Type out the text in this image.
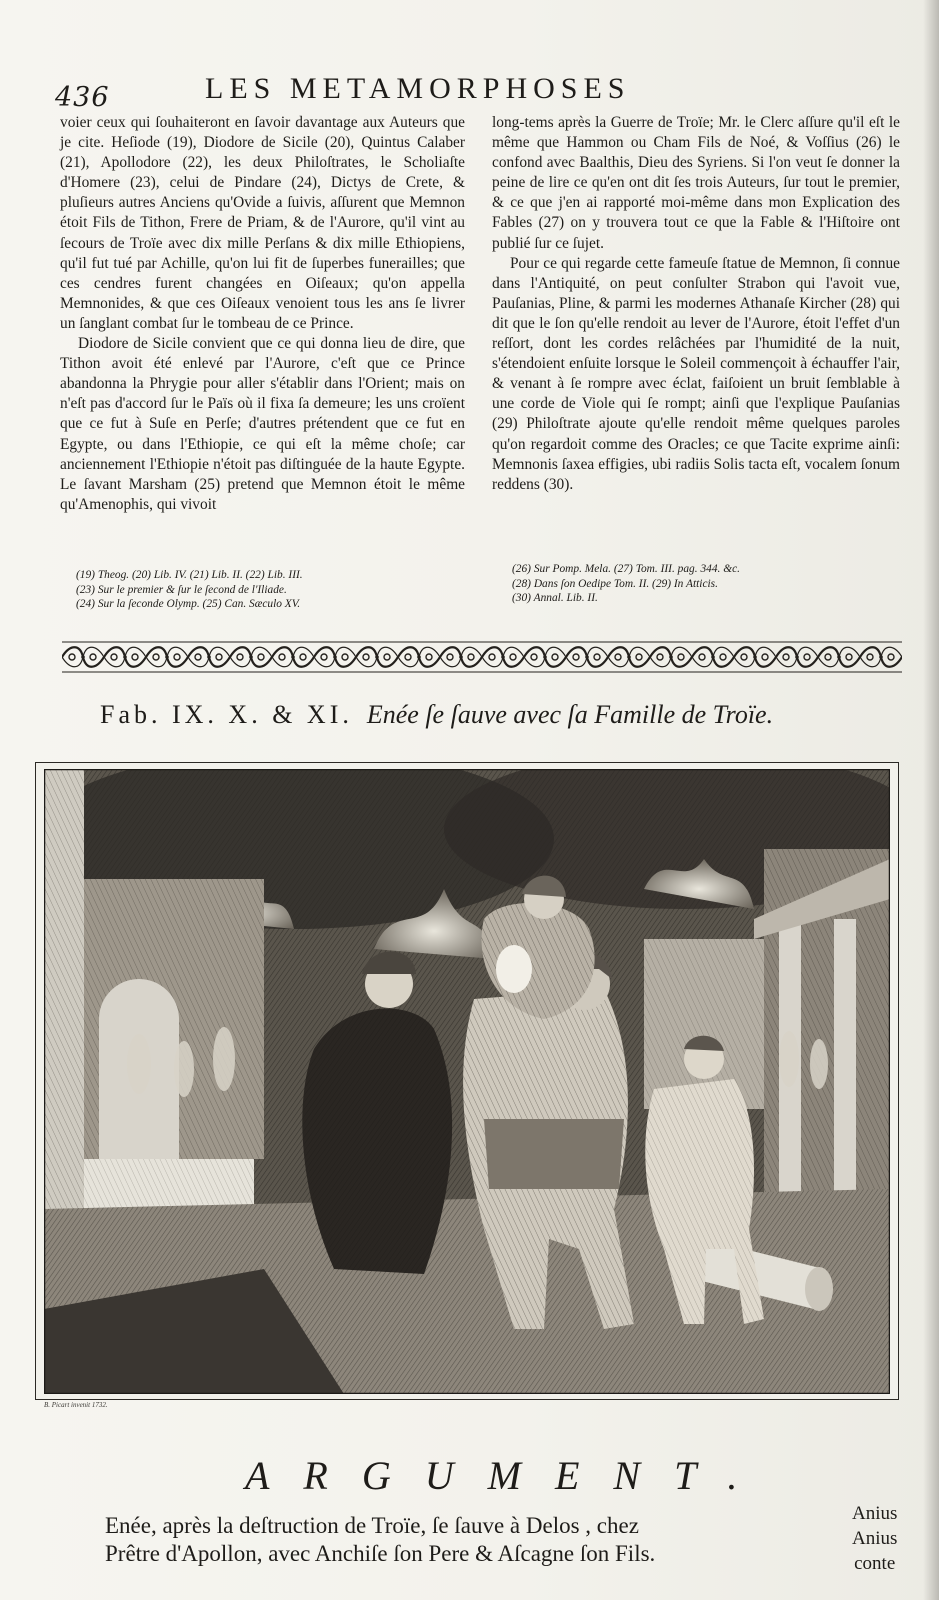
436	LES METAMORPHOSES

voier ceux qui ſouhaiteront en ſavoir davantage aux Auteurs que je cite. Heſiode (19), Diodore de Sicile (20), Quintus Calaber (21), Apollodore (22), les deux Philoſtrates, le Scholiaſte d'Homere (23), celui de Pindare (24), Dictys de Crete, & pluſieurs autres Anciens qu'Ovide a ſuivis, aſſurent que Memnon étoit Fils de Tithon, Frere de Priam, & de l'Aurore, qu'il vint au ſecours de Troïe avec dix mille Perſans & dix mille Ethiopiens, qu'il fut tué par Achille, qu'on lui fit de ſuperbes funerailles; que ces cendres furent changées en Oiſeaux; qu'on appella Memnonides, & que ces Oiſeaux venoient tous les ans ſe livrer un ſanglant combat ſur le tombeau de ce Prince.

Diodore de Sicile convient que ce qui donna lieu de dire, que Tithon avoit été enlevé par l'Aurore, c'eſt que ce Prince abandonna la Phrygie pour aller s'établir dans l'Orient; mais on n'eſt pas d'accord ſur le Païs où il fixa ſa demeure; les uns croïent que ce fut à Suſe en Perſe; d'autres prétendent que ce fut en Egypte, ou dans l'Ethiopie, ce qui eſt la même choſe; car anciennement l'Ethiopie n'étoit pas diſtinguée de la haute Egypte. Le ſavant Marsham (25) pretend que Memnon étoit le même qu'Amenophis, qui vivoit

long-tems après la Guerre de Troïe; Mr. le Clerc aſſure qu'il eſt le même que Hammon ou Cham Fils de Noé, & Voſſius (26) le confond avec Baalthis, Dieu des Syriens. Si l'on veut ſe donner la peine de lire ce qu'en ont dit ſes trois Auteurs, ſur tout le premier, & ce que j'en ai rapporté moi-même dans mon Explication des Fables (27) on y trouvera tout ce que la Fable & l'Hiſtoire ont publié ſur ce ſujet.

Pour ce qui regarde cette fameuſe ſtatue de Memnon, ſi connue dans l'Antiquité, on peut conſulter Strabon qui l'avoit vue, Pauſanias, Pline, & parmi les modernes Athanaſe Kircher (28) qui dit que le ſon qu'elle rendoit au lever de l'Aurore, étoit l'effet d'un reſſort, dont les cordes relâchées par l'humidité de la nuit, s'étendoient enſuite lorsque le Soleil commençoit à échauffer l'air, & venant à ſe rompre avec éclat, faiſoient un bruit ſemblable à une corde de Viole qui ſe rompt; ainſi que l'explique Pauſanias (29) Philoſtrate ajoute qu'elle rendoit même quelques paroles qu'on regardoit comme des Oracles; ce que Tacite exprime ainſi: Memnonis ſaxea effigies, ubi radiis Solis tacta eſt, vocalem ſonum reddens (30).

(19) Theog. (20) Lib. IV. (21) Lib. II. (22) Lib. III.
(23) Sur le premier & ſur le ſecond de l'Iliade.
(24) Sur la ſeconde Olymp. (25) Can. Sæculo XV.
(26) Sur Pomp. Mela. (27) Tom. III. pag. 344. &c.
(28) Dans ſon Oedipe Tom. II. (29) In Atticis.
(30) Annal. Lib. II.
Fab. IX. X. & XI. Enée ſe ſauve avec ſa Famille de Troïe.
B. Picart invenit 1732.
ARGUMENT.
Enée, après la deſtruction de Troïe, ſe ſauve à Delos , chez
Prêtre d'Apollon, avec Anchiſe ſon Pere & Aſcagne ſon Fils.
Anius
Anius
conte
